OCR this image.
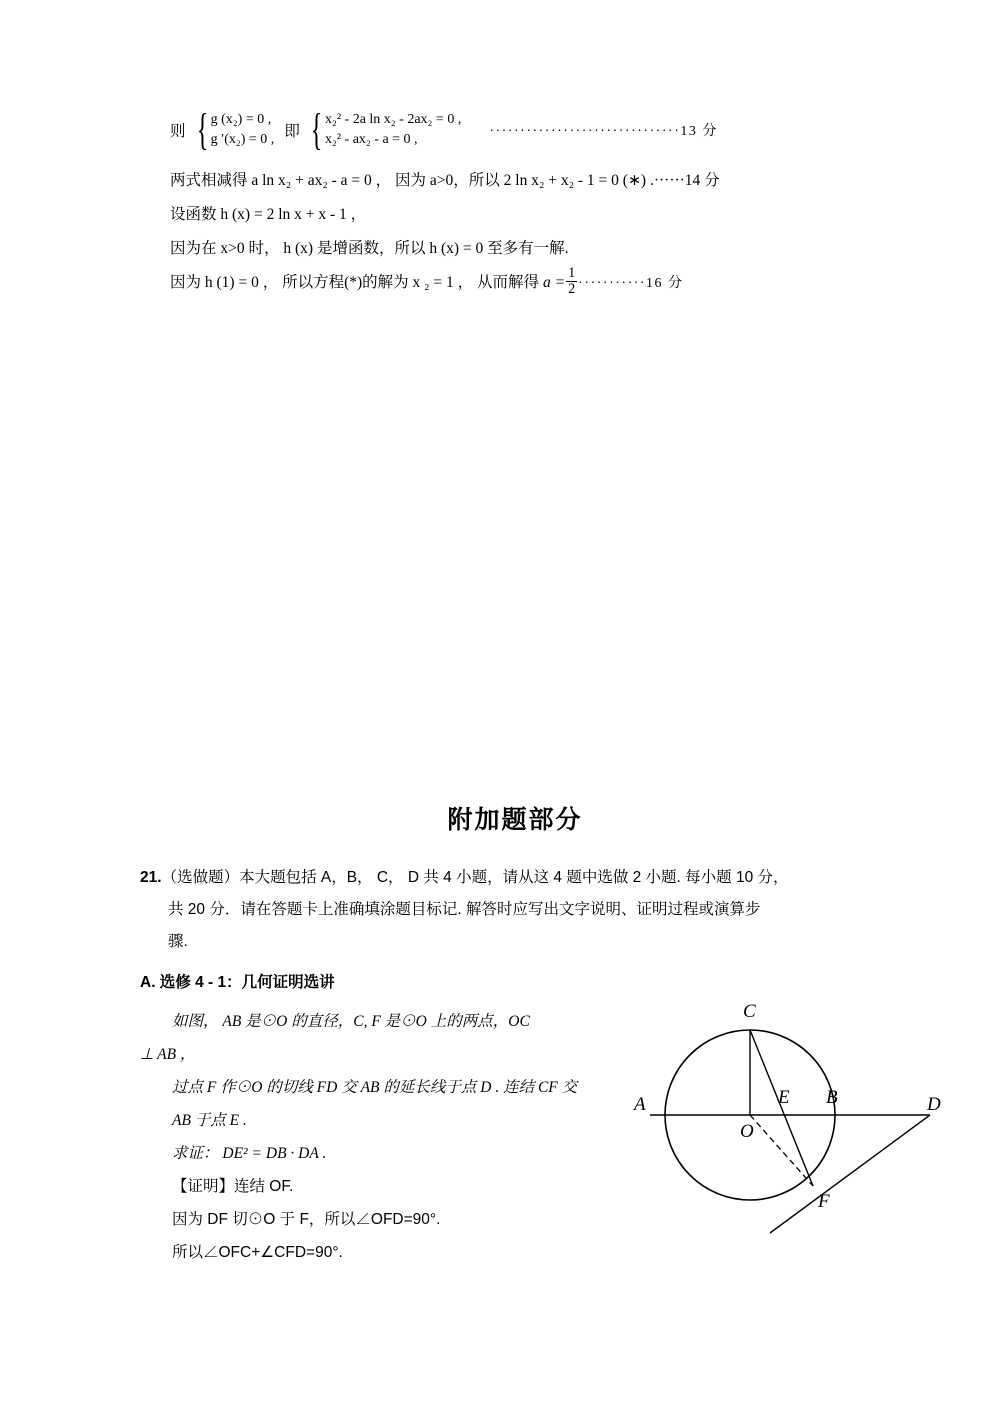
则 { g (x₂) = 0 ,
g ′(x₂) = 0 , 即 { x₂² - 2a ln x₂ - 2ax₂ = 0 ,
x₂² - ax₂ - a = 0 ,
·······························13 分
两式相减得 a ln x₂ + ax₂ - a = 0 ， 因为 a>0，所以 2 ln x₂ + x₂ - 1 = 0 (∗) .······14 分
设函数 h (x) = 2 ln x + x - 1 ，
因为在 x>0 时， h (x) 是增函数，所以 h (x) = 0 至多有一解.
因为 h (1) = 0 ， 所以方程(*)的解为 x ₂ = 1 ， 从而解得 $a = \frac{1}{2} \cdot\cdot\cdot\cdot\cdot\cdot\cdot\cdot\cdot\cdot\cdot 16$ 分
附加题部分

21.（选做题）本大题包括 A，B， C， D 共 4 小题，请从这 4 题中选做 2 小题. 每小题 10 分，

共 20 分．请在答题卡上准确填涂题目标记. 解答时应写出文字说明、证明过程或演算步

骤.

A. 选修 4 - 1：几何证明选讲

如图， AB 是⊙O 的直径，C, F 是⊙O 上的两点，OC

⊥ AB ，

过点 F 作⊙O 的切线 FD 交 AB 的延长线于点 D . 连结 CF 交

AB 于点 E .

求证： DE² = DB · DA .

【证明】连结 OF.

因为 DF 切⊙O 于 F，所以∠OFD=90°.

所以∠OFC+∠CFD=90°.

C
E B	D
A
O
F
